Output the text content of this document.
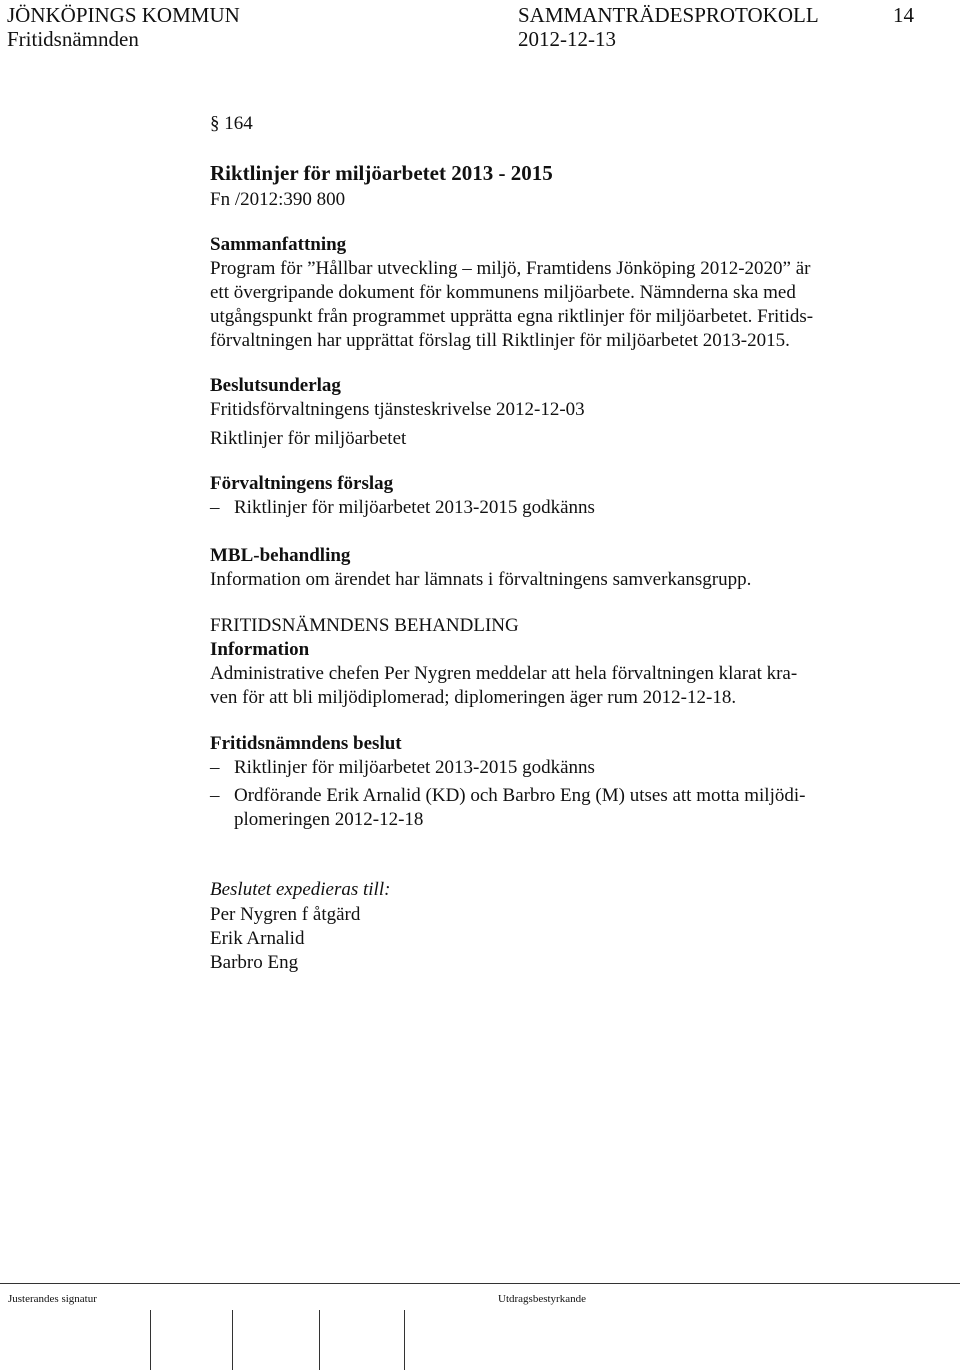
JÖNKÖPINGS KOMMUN	SAMMANTRÄDESPROTOKOLL	14
Fritidsnämnden	2012-12-13
§ 164
Riktlinjer för miljöarbetet 2013 - 2015
Fn /2012:390 800
Sammanfattning
Program för ”Hållbar utveckling – miljö, Framtidens Jönköping 2012-2020” är
ett övergripande dokument för kommunens miljöarbete. Nämnderna ska med
utgångspunkt från programmet upprätta egna riktlinjer för miljöarbetet. Fritids-
förvaltningen har upprättat förslag till Riktlinjer för miljöarbetet 2013-2015.
Beslutsunderlag
Fritidsförvaltningens tjänsteskrivelse 2012-12-03
Riktlinjer för miljöarbetet
Förvaltningens förslag
– Riktlinjer för miljöarbetet 2013-2015 godkänns
MBL-behandling
Information om ärendet har lämnats i förvaltningens samverkansgrupp.
FRITIDSNÄMNDENS BEHANDLING
Information
Administrative chefen Per Nygren meddelar att hela förvaltningen klarat kra-
ven för att bli miljödiplomerad; diplomeringen äger rum 2012-12-18.
Fritidsnämndens beslut
– Riktlinjer för miljöarbetet 2013-2015 godkänns
– Ordförande Erik Arnalid (KD) och Barbro Eng (M) utses att motta miljödi-
plomeringen 2012-12-18
Beslutet expedieras till:
Per Nygren f åtgärd
Erik Arnalid
Barbro Eng
Justerandes signatur	Utdragsbestyrkande
